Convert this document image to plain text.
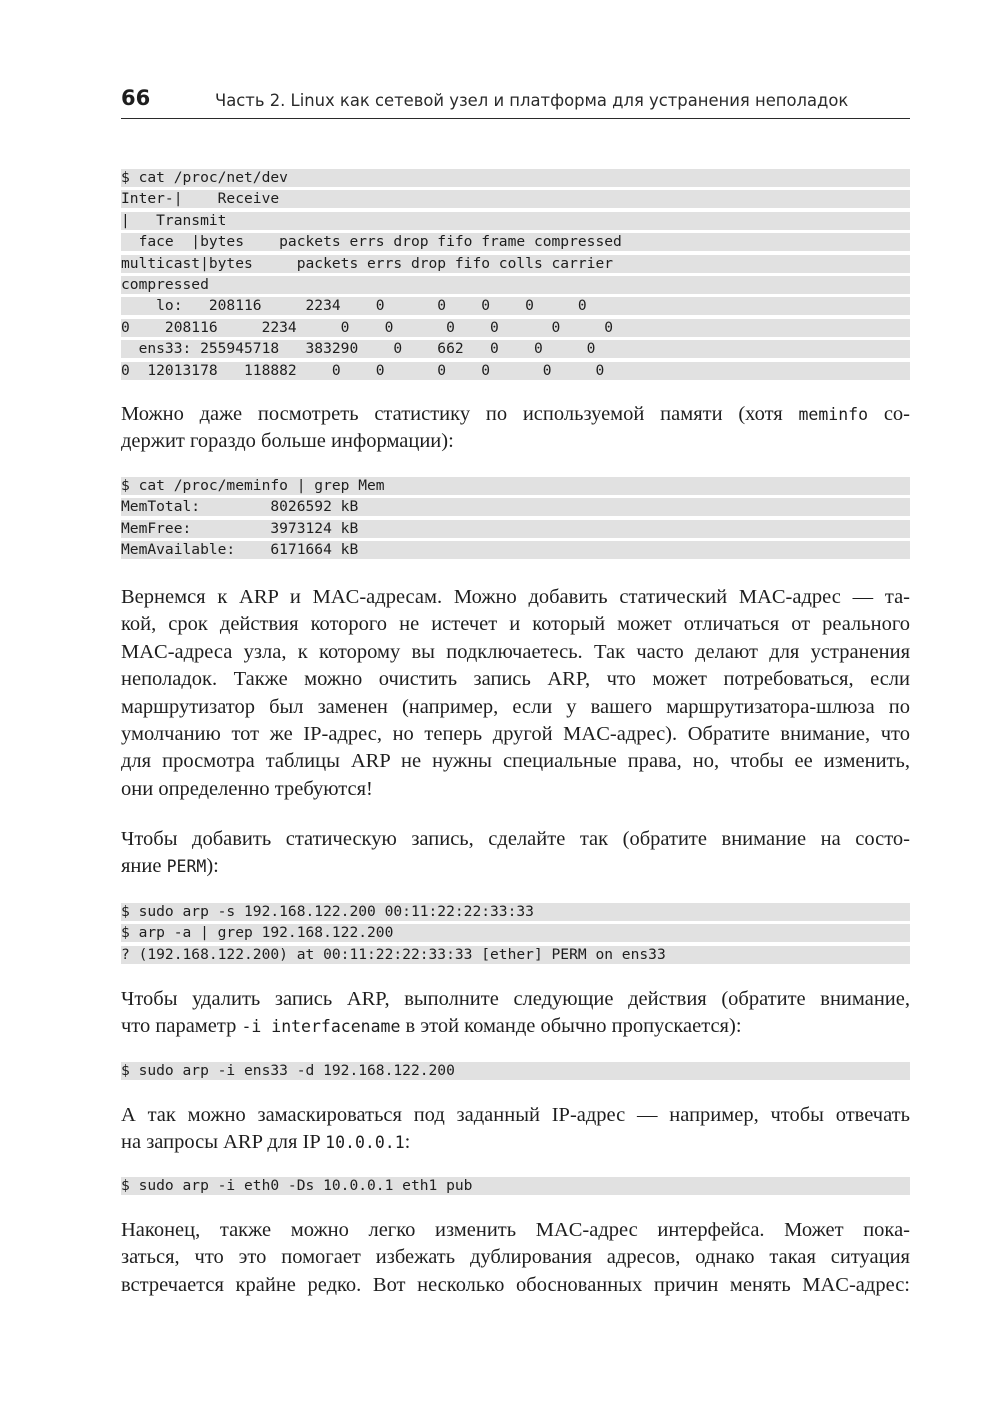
66	Часть 2. Linux как сетевой узел и платформа для устранения неполадок
$ cat /proc/net/dev
Inter-|    Receive
|   Transmit
face  |bytes    packets errs drop fifo frame compressed
multicast|bytes     packets errs drop fifo colls carrier
compressed
lo:   208116     2234    0      0    0    0     0
0    208116     2234     0    0      0    0      0     0
ens33: 255945718   383290    0    662   0    0     0
0  12013178   118882    0    0      0    0      0     0
Можно даже посмотреть статистику по используемой памяти (хотя meminfo со-
держит гораздо больше информации):
$ cat /proc/meminfo | grep Mem
MemTotal:        8026592 kB
MemFree:         3973124 kB
MemAvailable:    6171664 kB
Вернемся к ARP и MAC-адресам. Можно добавить статический MAC-адрес — та-
кой, срок действия которого не истечет и который может отличаться от реального
MAC-адреса узла, к которому вы подключаетесь. Так часто делают для устранения
неполадок. Также можно очистить запись ARP, что может потребоваться, если
маршрутизатор был заменен (например, если у вашего маршрутизатора-шлюза по
умолчанию тот же IP-адрес, но теперь другой MAC-адрес). Обратите внимание, что
для просмотра таблицы ARP не нужны специальные права, но, чтобы ее изменить,
они определенно требуются!
Чтобы добавить статическую запись, сделайте так (обратите внимание на состо-
яние PERM):
$ sudo arp -s 192.168.122.200 00:11:22:22:33:33
$ arp -a | grep 192.168.122.200
? (192.168.122.200) at 00:11:22:22:33:33 [ether] PERM on ens33
Чтобы удалить запись ARP, выполните следующие действия (обратите внимание,
что параметр -i interfacename в этой команде обычно пропускается):
$ sudo arp -i ens33 -d 192.168.122.200
А так можно замаскироваться под заданный IP-адрес — например, чтобы отвечать
на запросы ARP для IP 10.0.0.1:
$ sudo arp -i eth0 -Ds 10.0.0.1 eth1 pub
Наконец, также можно легко изменить MAC-адрес интерфейса. Может пока-
заться, что это помогает избежать дублирования адресов, однако такая ситуация
встречается крайне редко. Вот несколько обоснованных причин менять MAC-адрес:
